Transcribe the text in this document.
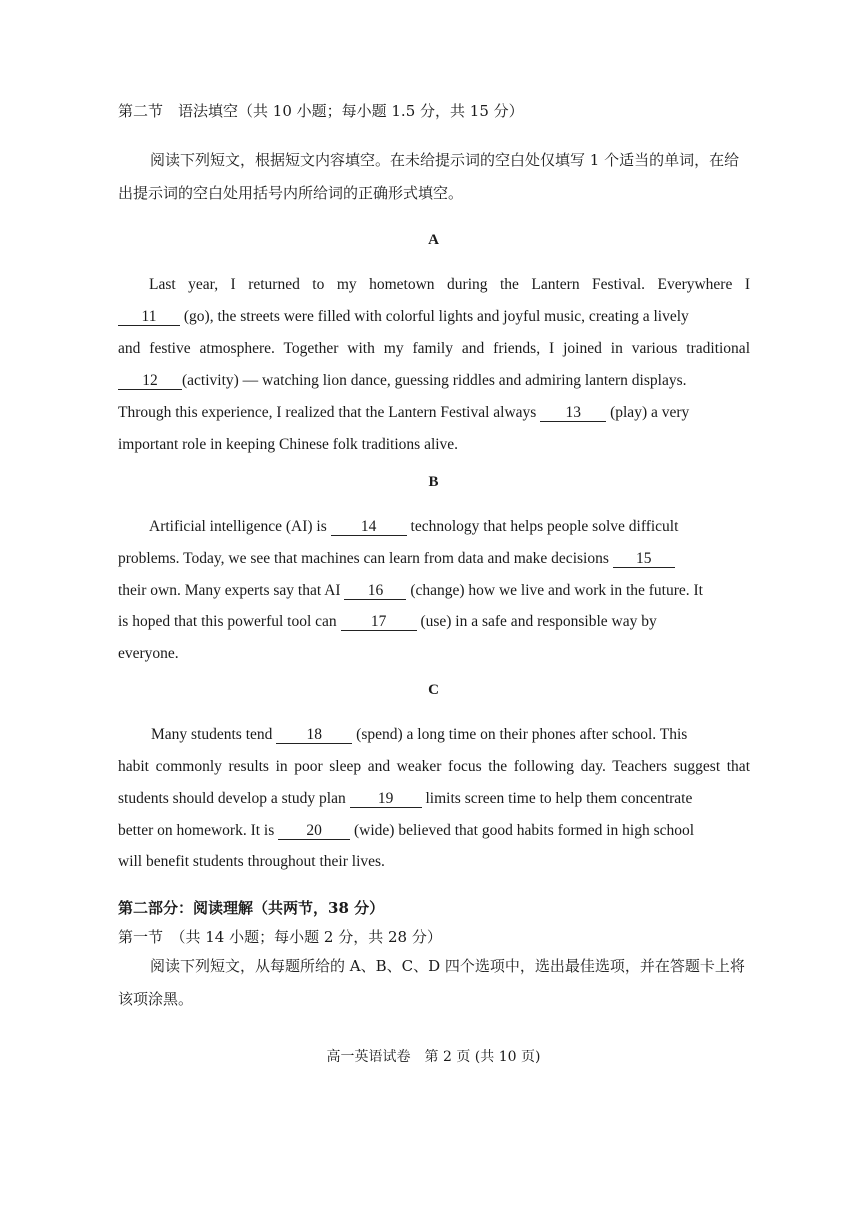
第二节　语法填空（共 10 小题；每小题 1.5 分，共 15 分）
阅读下列短文，根据短文内容填空。在未给提示词的空白处仅填写 1 个适当的单词，在给出提示词的空白处用括号内所给词的正确形式填空。
A
Last year, I returned to my hometown during the Lantern Festival. Everywhere I
11 (go), the streets were filled with colorful lights and joyful music, creating a lively
and festive atmosphere. Together with my family and friends, I joined in various traditional
12 (activity) — watching lion dance, guessing riddles and admiring lantern displays.
Through this experience, I realized that the Lantern Festival always 13 (play) a very
important role in keeping Chinese folk traditions alive.
B
Artificial intelligence (AI) is 14 technology that helps people solve difficult
problems. Today, we see that machines can learn from data and make decisions 15
their own. Many experts say that AI 16 (change) how we live and work in the future. It
is hoped that this powerful tool can 17 (use) in a safe and responsible way by
everyone.
C
Many students tend 18 (spend) a long time on their phones after school. This
habit commonly results in poor sleep and weaker focus the following day. Teachers suggest that
students should develop a study plan 19 limits screen time to help them concentrate
better on homework. It is 20 (wide) believed that good habits formed in high school
will benefit students throughout their lives.
第二部分：阅读理解（共两节，38 分）
第一节　（共 14 小题；每小题 2 分，共 28 分）
阅读下列短文，从每题所给的 A、B、C、D 四个选项中，选出最佳选项，并在答题卡上将该项涂黑。
高一英语试卷　第 2 页 (共 10 页)
